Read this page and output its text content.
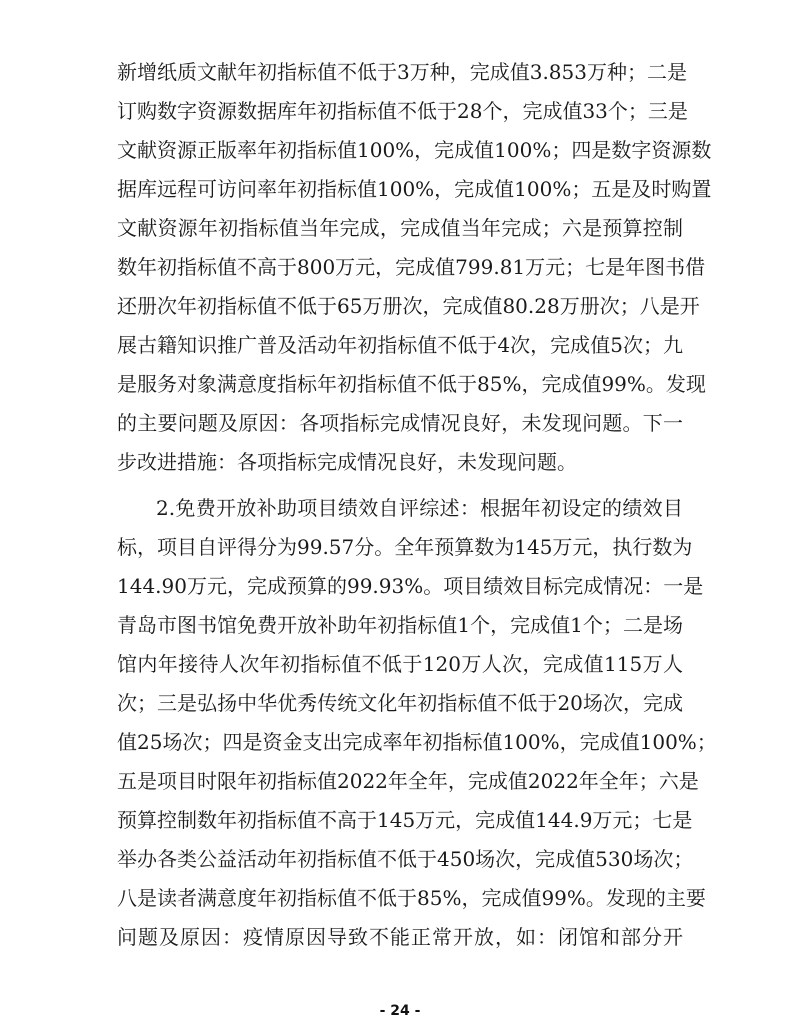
新增纸质文献年初指标值不低于3万种，完成值3.853万种；二是
订购数字资源数据库年初指标值不低于28个，完成值33个；三是
文献资源正版率年初指标值100%，完成值100%；四是数字资源数
据库远程可访问率年初指标值100%，完成值100%；五是及时购置
文献资源年初指标值当年完成，完成值当年完成；六是预算控制
数年初指标值不高于800万元，完成值799.81万元；七是年图书借
还册次年初指标值不低于65万册次，完成值80.28万册次；八是开
展古籍知识推广普及活动年初指标值不低于4次，完成值5次；九
是服务对象满意度指标年初指标值不低于85%，完成值99%。发现
的主要问题及原因：各项指标完成情况良好，未发现问题。下一
步改进措施：各项指标完成情况良好，未发现问题。
2.免费开放补助项目绩效自评综述：根据年初设定的绩效目
标，项目自评得分为99.57分。全年预算数为145万元，执行数为
144.90万元，完成预算的99.93%。项目绩效目标完成情况：一是
青岛市图书馆免费开放补助年初指标值1个，完成值1个；二是场
馆内年接待人次年初指标值不低于120万人次，完成值115万人
次；三是弘扬中华优秀传统文化年初指标值不低于20场次，完成
值25场次；四是资金支出完成率年初指标值100%，完成值100%；
五是项目时限年初指标值2022年全年，完成值2022年全年；六是
预算控制数年初指标值不高于145万元，完成值144.9万元；七是
举办各类公益活动年初指标值不低于450场次，完成值530场次；
八是读者满意度年初指标值不低于85%，完成值99%。发现的主要
问题及原因：疫情原因导致不能正常开放，如：闭馆和部分开
- 24 -
